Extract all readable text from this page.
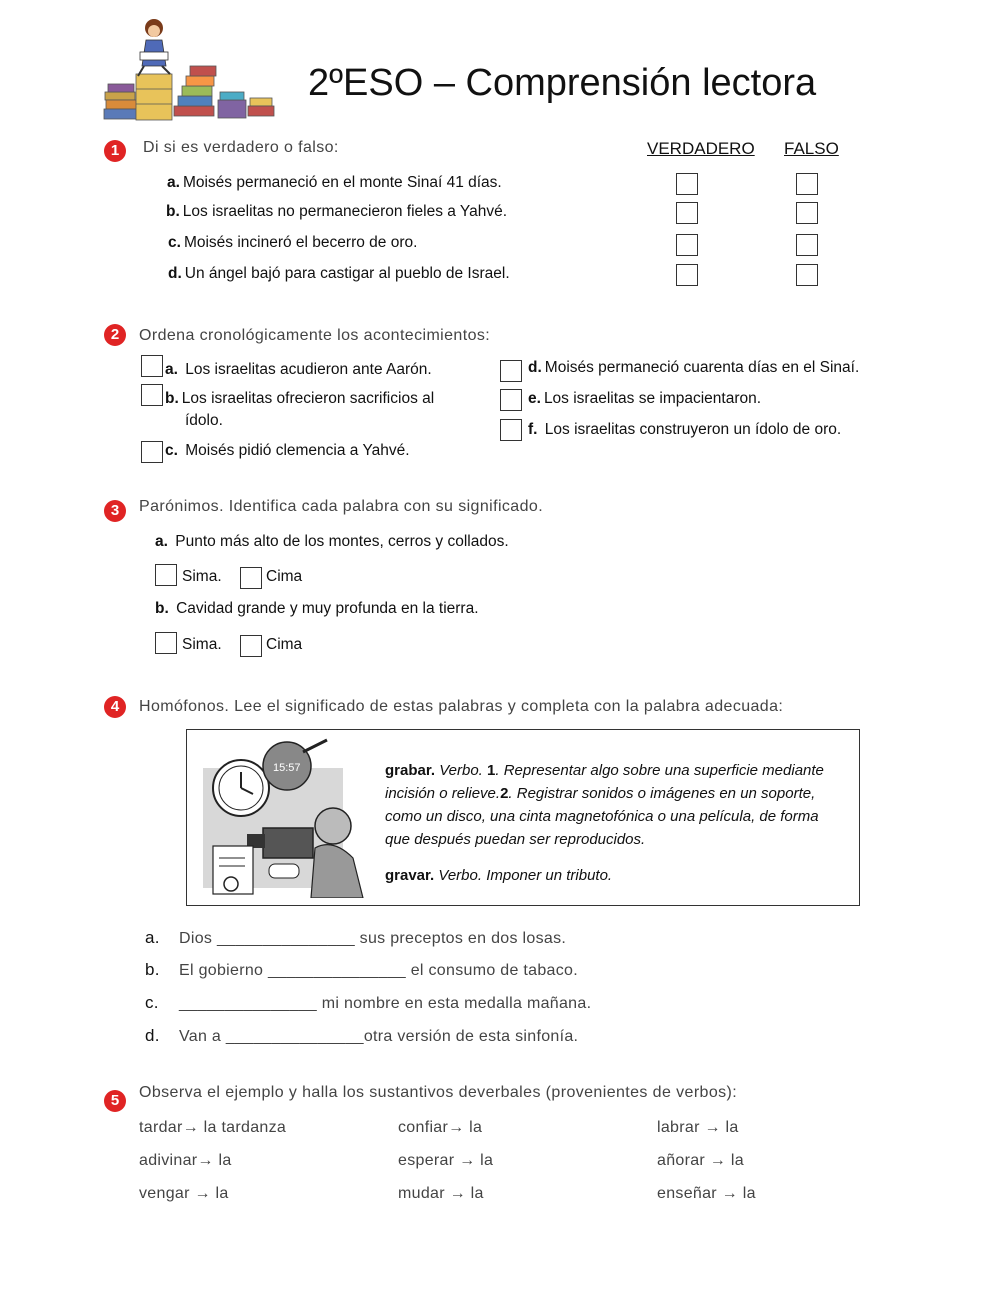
2ºESO – Comprensión lectora
1	Di si es verdadero o falso:	VERDADERO FALSO
a. Moisés permaneció en el monte Sinaí 41 días.
b. Los israelitas no permanecieron fieles a Yahvé.
c. Moisés incineró el becerro de oro.
d. Un ángel bajó para castigar al pueblo de Israel.
2	Ordena cronológicamente los acontecimientos:
a. Los israelitas acudieron ante Aarón.
b. Los israelitas ofrecieron sacrificios al
ídolo.
c. Moisés pidió clemencia a Yahvé.
d. Moisés permaneció cuarenta días en el Sinaí.
e. Los israelitas se impacientaron.
f. Los israelitas construyeron un ídolo de oro.
3	Parónimos. Identifica cada palabra con su significado.
a. Punto más alto de los montes, cerros y collados.
Sima.	Cima
b. Cavidad grande y muy profunda en la tierra.
Sima.	Cima
4	Homófonos. Lee el significado de estas palabras y completa con la palabra adecuada:
15:57	grabar. Verbo. 1. Representar algo sobre una superficie mediante incisión o relieve.2. Registrar sonidos o imágenes en un soporte, como un disco, una cinta magnetofónica o una película, de forma que después puedan ser reproducidos.
gravar. Verbo. Imponer un tributo.
a. Dios _______________ sus preceptos en dos losas.
b. El gobierno _______________ el consumo de tabaco.
c. _______________ mi nombre en esta medalla mañana.
d. Van a _______________otra versión de esta sinfonía.
5	Observa el ejemplo y halla los sustantivos deverbales (provenientes de verbos):
tardar→ la tardanza	confiar→ la	labrar → la
adivinar→ la	esperar → la	añorar → la
vengar → la	mudar → la	enseñar → la
